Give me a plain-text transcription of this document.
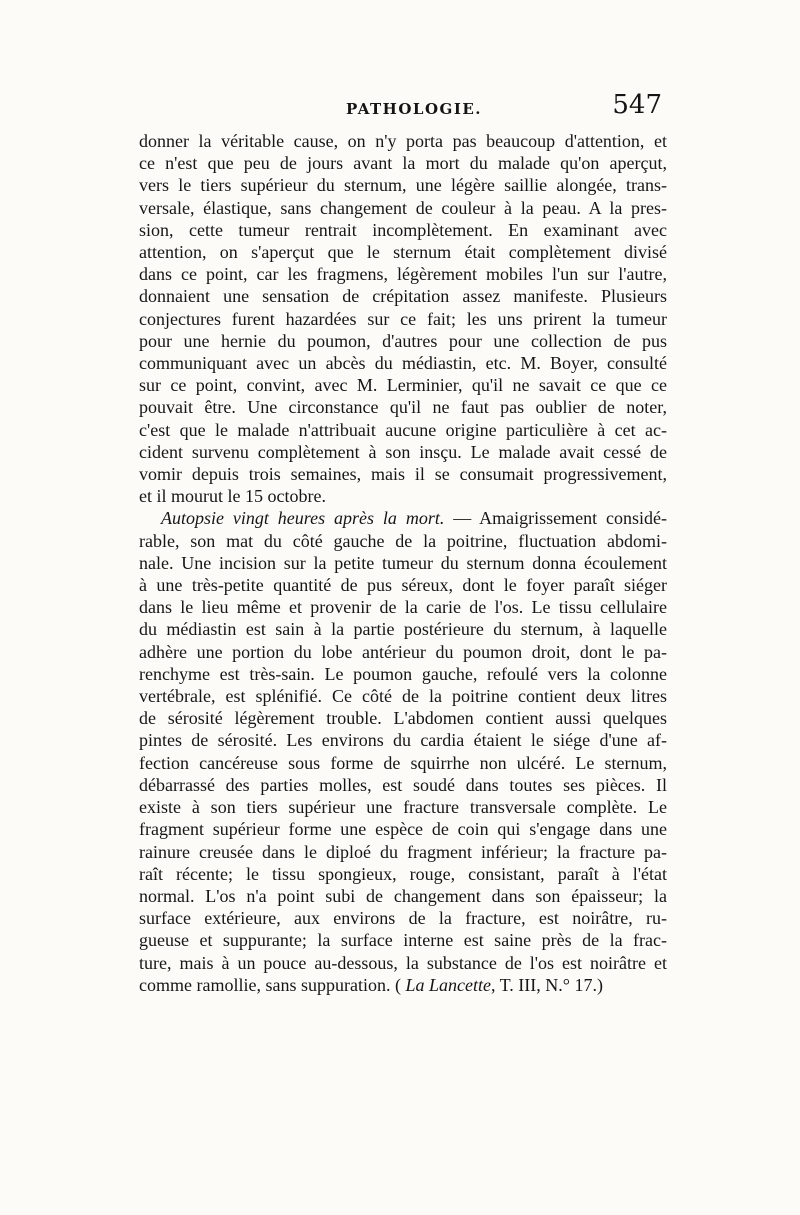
PATHOLOGIE.	547

donner la véritable cause, on n'y porta pas beaucoup d'attention, et
ce n'est que peu de jours avant la mort du malade qu'on aperçut,
vers le tiers supérieur du sternum, une légère saillie alongée, trans-
versale, élastique, sans changement de couleur à la peau. A la pres-
sion, cette tumeur rentrait incomplètement. En examinant avec
attention, on s'aperçut que le sternum était complètement divisé
dans ce point, car les fragmens, légèrement mobiles l'un sur l'autre,
donnaient une sensation de crépitation assez manifeste. Plusieurs
conjectures furent hazardées sur ce fait; les uns prirent la tumeur
pour une hernie du poumon, d'autres pour une collection de pus
communiquant avec un abcès du médiastin, etc. M. Boyer, consulté
sur ce point, convint, avec M. Lerminier, qu'il ne savait ce que ce
pouvait être. Une circonstance qu'il ne faut pas oublier de noter,
c'est que le malade n'attribuait aucune origine particulière à cet ac-
cident survenu complètement à son insçu. Le malade avait cessé de
vomir depuis trois semaines, mais il se consumait progressivement,
et il mourut le 15 octobre.

Autopsie vingt heures après la mort. — Amaigrissement considé-
rable, son mat du côté gauche de la poitrine, fluctuation abdomi-
nale. Une incision sur la petite tumeur du sternum donna écoulement
à une très-petite quantité de pus séreux, dont le foyer paraît siéger
dans le lieu même et provenir de la carie de l'os. Le tissu cellulaire
du médiastin est sain à la partie postérieure du sternum, à laquelle
adhère une portion du lobe antérieur du poumon droit, dont le pa-
renchyme est très-sain. Le poumon gauche, refoulé vers la colonne
vertébrale, est splénifié. Ce côté de la poitrine contient deux litres
de sérosité légèrement trouble. L'abdomen contient aussi quelques
pintes de sérosité. Les environs du cardia étaient le siége d'une af-
fection cancéreuse sous forme de squirrhe non ulcéré. Le sternum,
débarrassé des parties molles, est soudé dans toutes ses pièces. Il
existe à son tiers supérieur une fracture transversale complète. Le
fragment supérieur forme une espèce de coin qui s'engage dans une
rainure creusée dans le diploé du fragment inférieur; la fracture pa-
raît récente; le tissu spongieux, rouge, consistant, paraît à l'état
normal. L'os n'a point subi de changement dans son épaisseur; la
surface extérieure, aux environs de la fracture, est noirâtre, ru-
gueuse et suppurante; la surface interne est saine près de la frac-
ture, mais à un pouce au-dessous, la substance de l'os est noirâtre et
comme ramollie, sans suppuration. ( La Lancette, T. III, N.° 17.)
